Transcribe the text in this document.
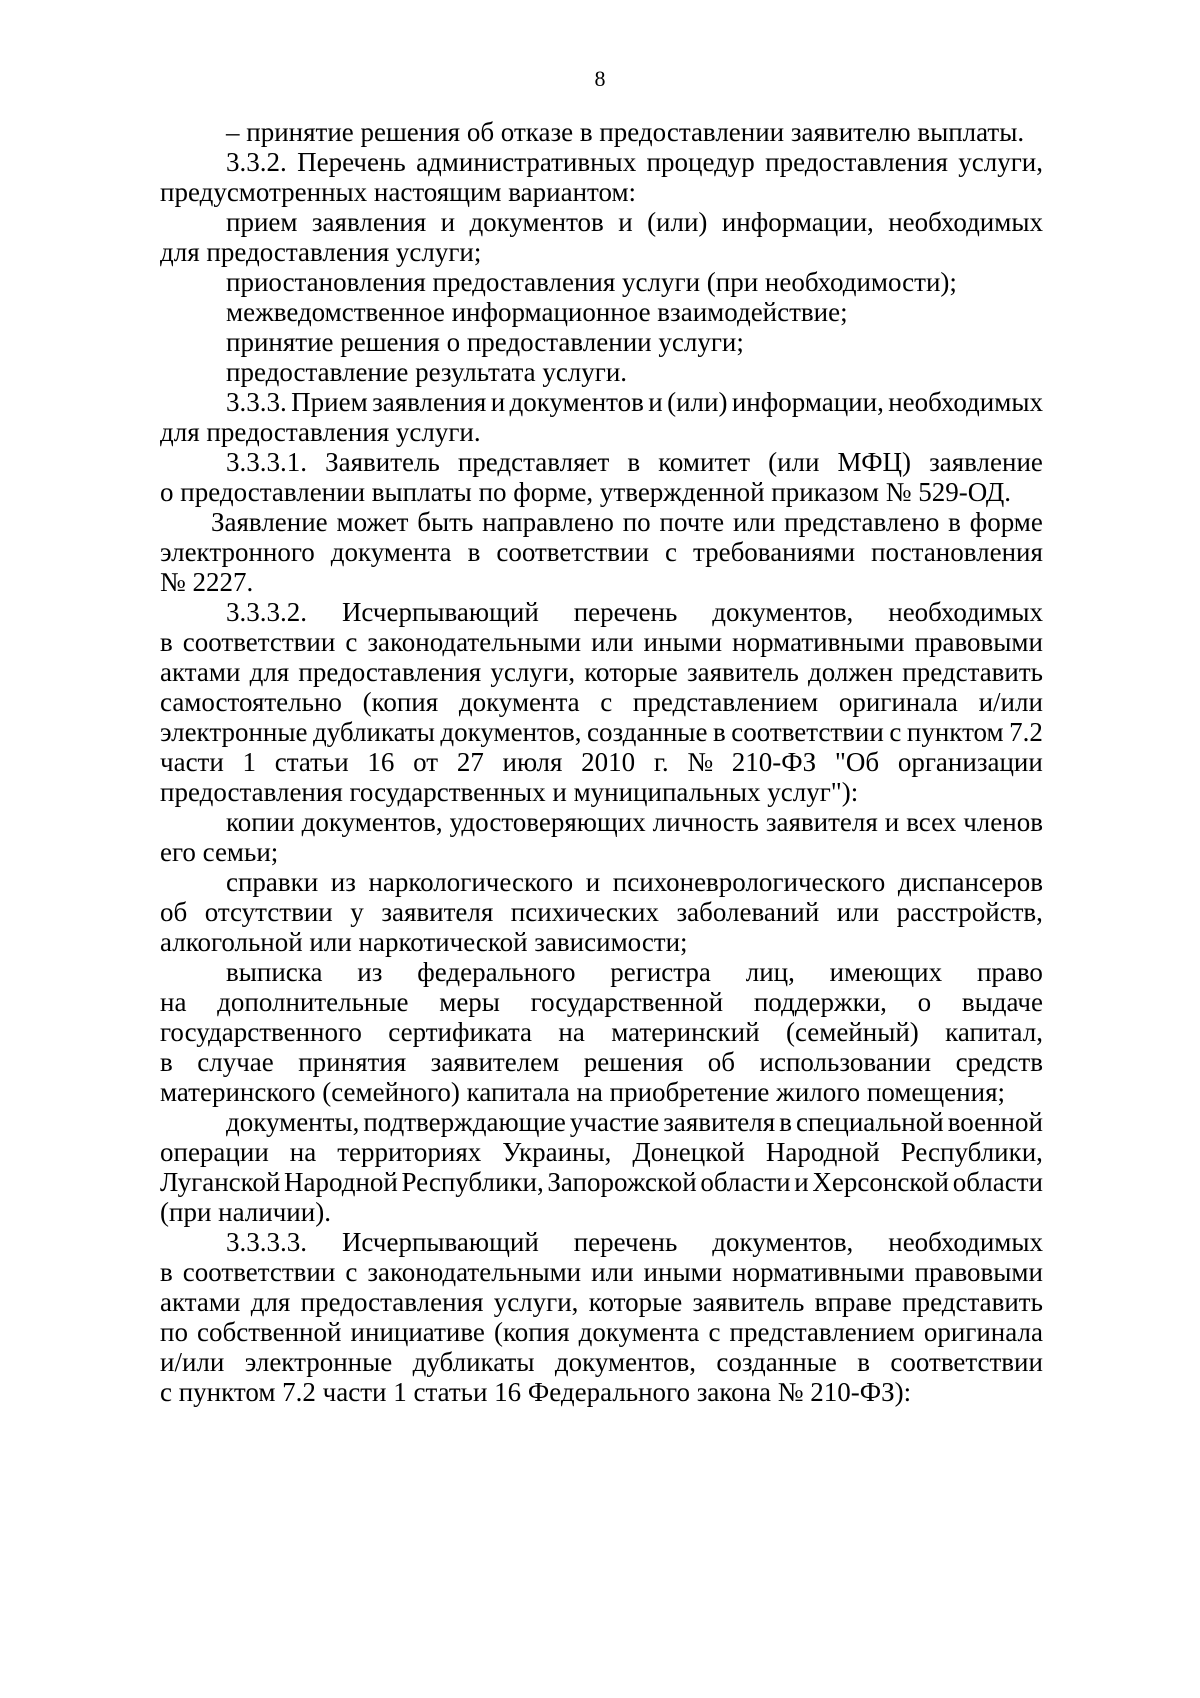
8
– принятие решения об отказе в предоставлении заявителю выплаты.
3.3.2. Перечень административных процедур предоставления услуги,
предусмотренных настоящим вариантом:
прием заявления и документов и (или) информации, необходимых
для предоставления услуги;
приостановления предоставления услуги (при необходимости);
межведомственное информационное взаимодействие;
принятие решения о предоставлении услуги;
предоставление результата услуги.
3.3.3. Прием заявления и документов и (или) информации, необходимых
для предоставления услуги.
3.3.3.1. Заявитель представляет в комитет (или МФЦ) заявление
о предоставлении выплаты по форме, утвержденной приказом № 529-ОД.
Заявление может быть направлено по почте или представлено в форме
электронного документа в соответствии с требованиями постановления
№ 2227.
3.3.3.2. Исчерпывающий перечень документов, необходимых
в соответствии с законодательными или иными нормативными правовыми
актами для предоставления услуги, которые заявитель должен представить
самостоятельно (копия документа с представлением оригинала и/или
электронные дубликаты документов, созданные в соответствии с пунктом 7.2
части 1 статьи 16 от 27 июля 2010 г. № 210-ФЗ "Об организации
предоставления государственных и муниципальных услуг"):
копии документов, удостоверяющих личность заявителя и всех членов
его семьи;
справки из наркологического и психоневрологического диспансеров
об отсутствии у заявителя психических заболеваний или расстройств,
алкогольной или наркотической зависимости;
выписка из федерального регистра лиц, имеющих право
на дополнительные меры государственной поддержки, о выдаче
государственного сертификата на материнский (семейный) капитал,
в случае принятия заявителем решения об использовании средств
материнского (семейного) капитала на приобретение жилого помещения;
документы, подтверждающие участие заявителя в специальной военной
операции на территориях Украины, Донецкой Народной Республики,
Луганской Народной Республики, Запорожской области и Херсонской области
(при наличии).
3.3.3.3. Исчерпывающий перечень документов, необходимых
в соответствии с законодательными или иными нормативными правовыми
актами для предоставления услуги, которые заявитель вправе представить
по собственной инициативе (копия документа с представлением оригинала
и/или электронные дубликаты документов, созданные в соответствии
с пунктом 7.2 части 1 статьи 16 Федерального закона № 210-ФЗ):
